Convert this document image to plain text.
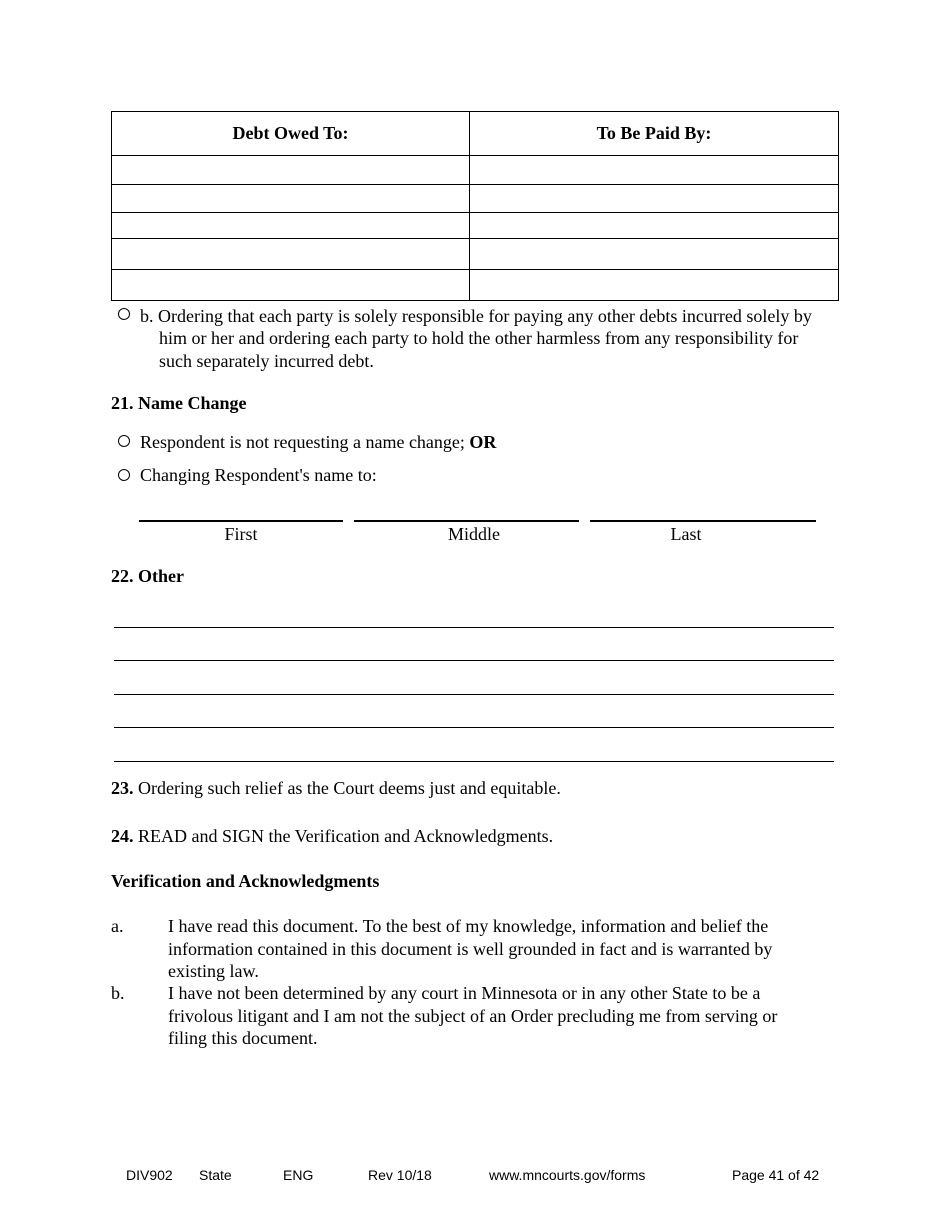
Debt Owed To:	To Be Paid By:

b. Ordering that each party is solely responsible for paying any other debts incurred solely by
him or her and ordering each party to hold the other harmless from any responsibility for
such separately incurred debt.
21. Name Change
Respondent is not requesting a name change; OR
Changing Respondent's name to:
First	Middle	Last
22. Other
23. Ordering such relief as the Court deems just and equitable.
24. READ and SIGN the Verification and Acknowledgments.
Verification and Acknowledgments
a. I have read this document. To the best of my knowledge, information and belief the
information contained in this document is well grounded in fact and is warranted by
existing law.
b. I have not been determined by any court in Minnesota or in any other State to be a
frivolous litigant and I am not the subject of an Order precluding me from serving or
filing this document.
DIV902 State	ENG	Rev 10/18	www.mncourts.gov/forms	Page 41 of 42
